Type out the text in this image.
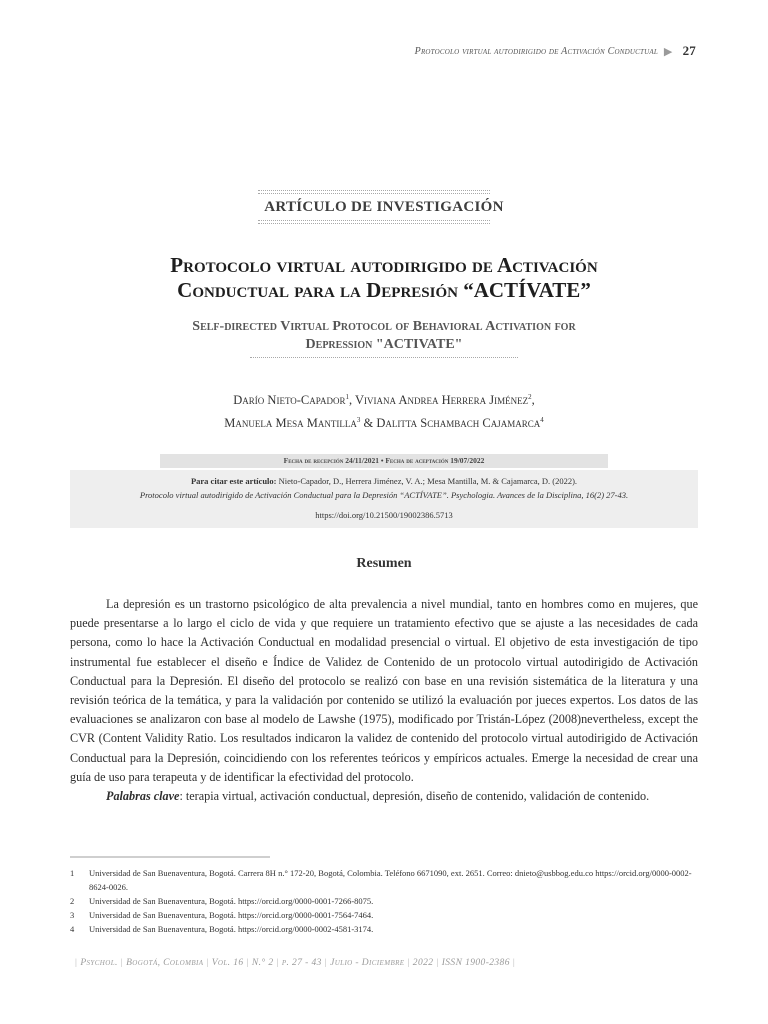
Protocolo virtual autodirigido de Activación Conductual ▶ 27
ARTÍCULO DE INVESTIGACIÓN
Protocolo virtual autodirigido de Activación
Conductual para la Depresión “ACTÍVATE”
Self-directed Virtual Protocol of Behavioral Activation for
Depression "ACTIVATE"
Darío Nieto-Capador$^1$, Viviana Andrea Herrera Jiménez$^2$,
Manuela Mesa Mantilla$^3$ & Dalitta Schambach Cajamarca$^4$
Fecha de recepción 24/11/2021 • Fecha de aceptación 19/07/2022
Para citar este artículo: Nieto-Capador, D., Herrera Jiménez, V. A.; Mesa Mantilla, M. & Cajamarca, D. (2022).
Protocolo virtual autodirigido de Activación Conductual para la Depresión “ACTÍVATE”. Psychologia. Avances de la Disciplina, 16(2) 27-43.
https://doi.org/10.21500/19002386.5713
Resumen

La depresión es un trastorno psicológico de alta prevalencia a nivel mundial, tanto en hombres como en mujeres, que puede presentarse a lo largo el ciclo de vida y que requiere un tratamiento efectivo que se ajuste a las necesidades de cada persona, como lo hace la Activación Conductual en modalidad presencial o virtual. El objetivo de esta investigación de tipo instrumental fue establecer el diseño e Índice de Validez de Contenido de un protocolo virtual autodirigido de Activación Conductual para la Depresión. El diseño del protocolo se realizó con base en una revisión sistemática de la literatura y una revisión teórica de la temática, y para la validación por contenido se utilizó la evaluación por jueces expertos. Los datos de las evaluaciones se analizaron con base al modelo de Lawshe (1975), modificado por Tristán-López (2008)nevertheless, except the CVR (Content Validity Ratio. Los resultados indicaron la validez de contenido del protocolo virtual autodirigido de Activación Conductual para la Depresión, coincidiendo con los referentes teóricos y empíricos actuales. Emerge la necesidad de crear una guía de uso para terapeuta y de identificar la efectividad del protocolo.

Palabras clave: terapia virtual, activación conductual, depresión, diseño de contenido, validación de contenido.

1	Universidad de San Buenaventura, Bogotá. Carrera 8H n.° 172-20, Bogotá, Colombia. Teléfono 6671090, ext. 2651. Correo: dnieto@usbbog.edu.co https://orcid.org/0000-0002-8624-0026.
2	Universidad de San Buenaventura, Bogotá. https://orcid.org/0000-0001-7266-8075.
3	Universidad de San Buenaventura, Bogotá. https://orcid.org/0000-0001-7564-7464.
4	Universidad de San Buenaventura, Bogotá. https://orcid.org/0000-0002-4581-3174.
| Psychol. | Bogotá, Colombia | Vol. 16 | N.° 2 | p. 27 - 43 | Julio - Diciembre | 2022 | ISSN 1900-2386 |
